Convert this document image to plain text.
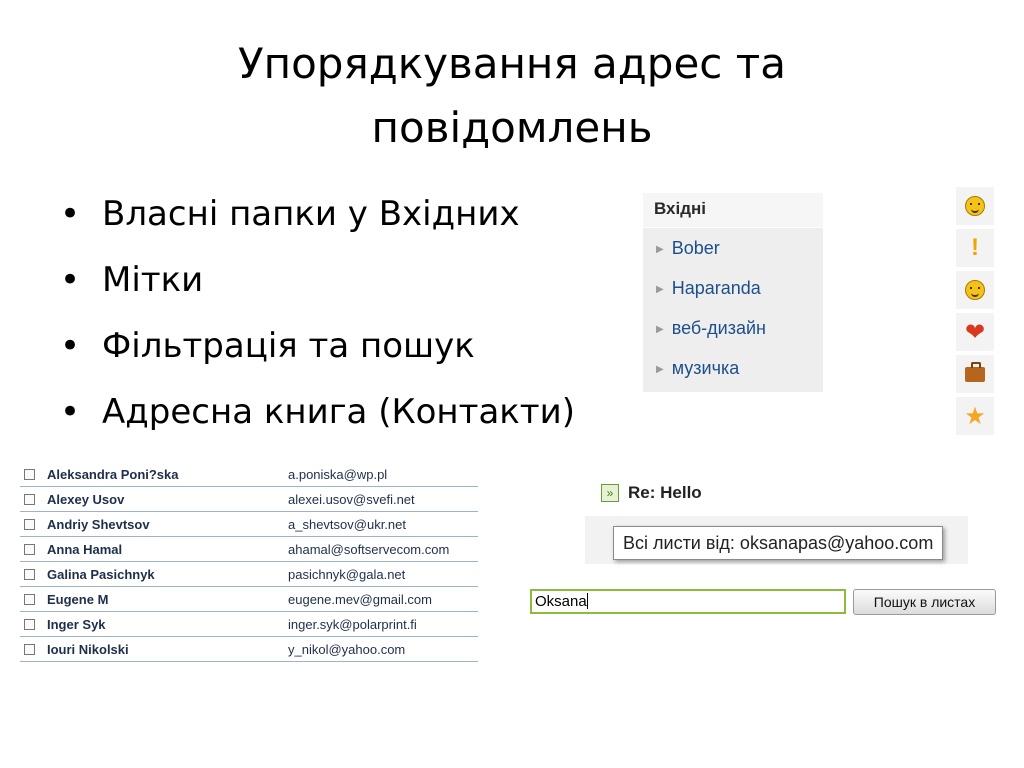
Упорядкування адрес та
повідомлень
• Власні папки у Вхідних
• Мітки
• Фільтрація та пошук
• Адресна книга (Контакти)
Вхідні
▶ Bober
▶ Haparanda
▶ веб-дизайн
▶ музичка
!
❤
★
Aleksandra Poni?ska	a.poniska@wp.pl
Alexey Usov	alexei.usov@svefi.net
Andriy Shevtsov	a_shevtsov@ukr.net
Anna Hamal	ahamal@softservecom.com
Galina Pasichnyk	pasichnyk@gala.net
Eugene M	eugene.mev@gmail.com
Inger Syk	inger.syk@polarprint.fi
Iouri Nikolski	y_nikol@yahoo.com
» Re: Hello
Всі листи від: oksanapas@yahoo.com
Oksana	Пошук в листах
